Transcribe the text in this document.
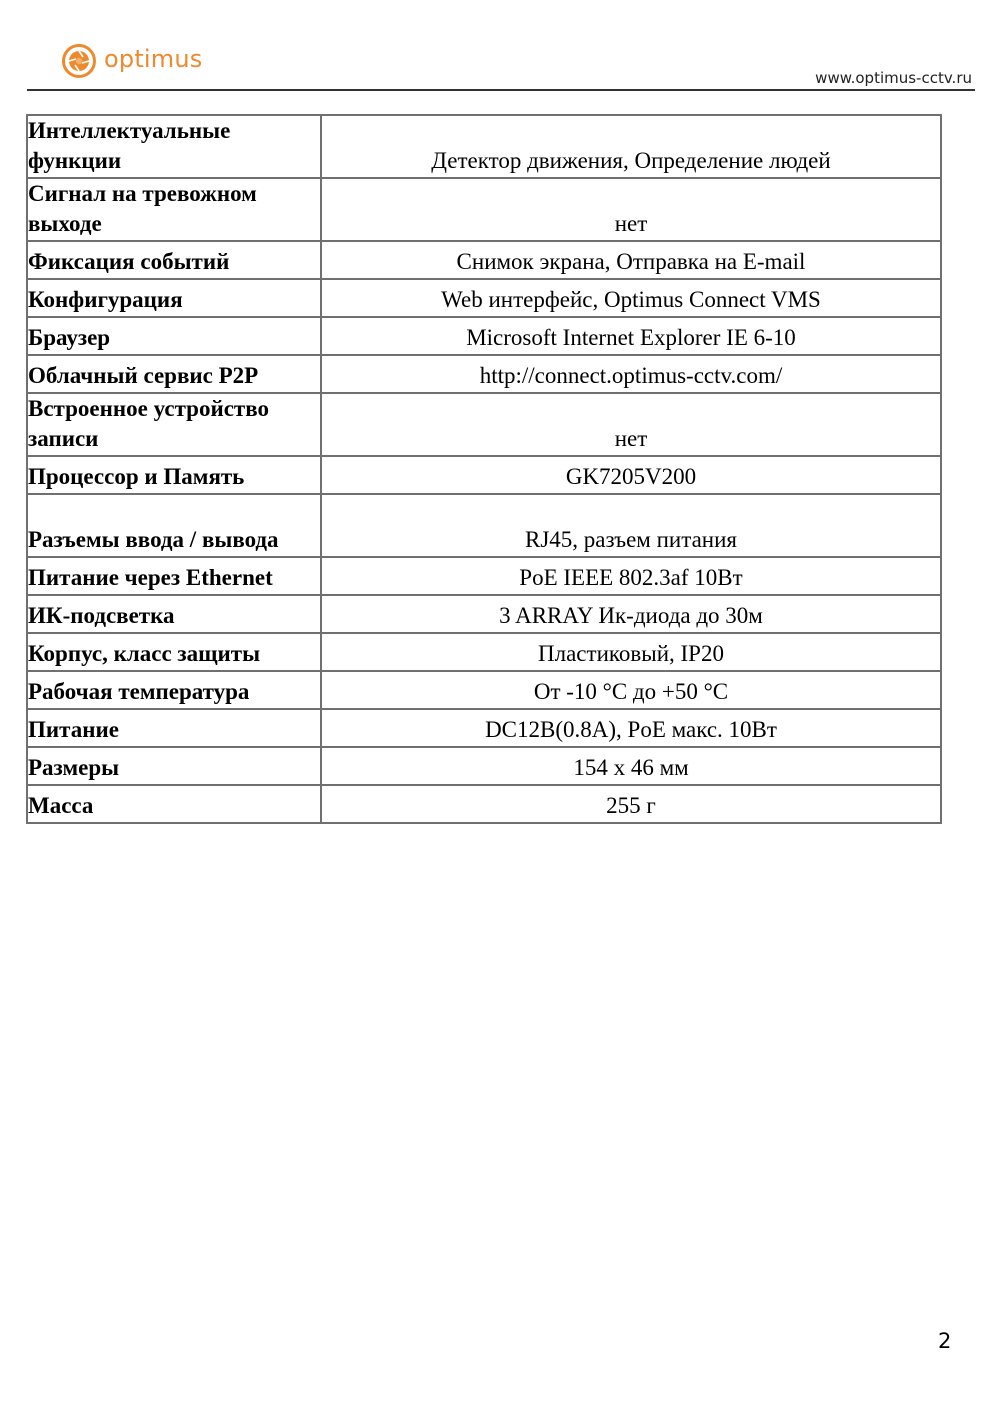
optimus
www.optimus-cctv.ru
Интеллектуальные функции	Детектор движения, Определение людей
Сигнал на тревожном выходе	нет
Фиксация событий	Снимок экрана, Отправка на E-mail
Конфигурация	Web интерфейс, Optimus Connect VMS
Браузер	Microsoft Internet Explorer IE 6-10
Облачный сервис P2P	http://connect.optimus-cctv.com/
Встроенное устройство записи	нет
Процессор и Память	GK7205V200
Разъемы ввода / вывода	RJ45, разъем питания
Питание через Ethernet	PoE IEEE 802.3af 10Вт
ИК-подсветка	3 ARRAY Ик-диода до 30м
Корпус, класс защиты	Пластиковый, IP20
Рабочая температура	От -10 °С до +50 °С
Питание	DC12В(0.8А), PoE макс. 10Вт
Размеры	154 x 46 мм
Масса	255 г
2
